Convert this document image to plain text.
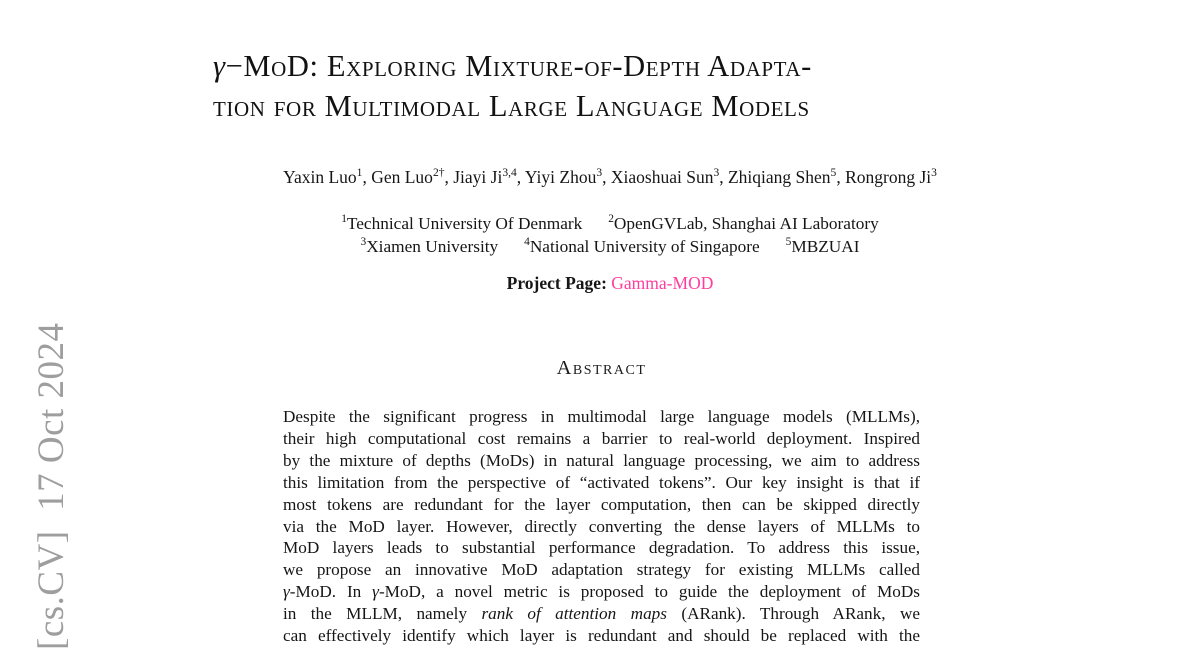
[cs.CV]  17 Oct 2024
γ−MoD: Exploring Mixture-of-Depth Adapta-
tion for Multimodal Large Language Models
Yaxin Luo$^1$, Gen Luo$^{2\dagger}$, Jiayi Ji$^{3,4}$, Yiyi Zhou$^3$, Xiaoshuai Sun$^3$, Zhiqiang Shen$^5$, Rongrong Ji$^3$
$^1$Technical University Of Denmark   $^2$OpenGVLab, Shanghai AI Laboratory
$^3$Xiamen University   $^4$National University of Singapore   $^5$MBZUAI
Project Page: Gamma-MOD
Abstract
Despite the significant progress in multimodal large language models (MLLMs),
their high computational cost remains a barrier to real-world deployment. Inspired
by the mixture of depths (MoDs) in natural language processing, we aim to address
this limitation from the perspective of “activated tokens”. Our key insight is that if
most tokens are redundant for the layer computation, then can be skipped directly
via the MoD layer. However, directly converting the dense layers of MLLMs to
MoD layers leads to substantial performance degradation. To address this issue,
we propose an innovative MoD adaptation strategy for existing MLLMs called
γ-MoD. In γ-MoD, a novel metric is proposed to guide the deployment of MoDs
in the MLLM, namely rank of attention maps (ARank). Through ARank, we
can effectively identify which layer is redundant and should be replaced with the
